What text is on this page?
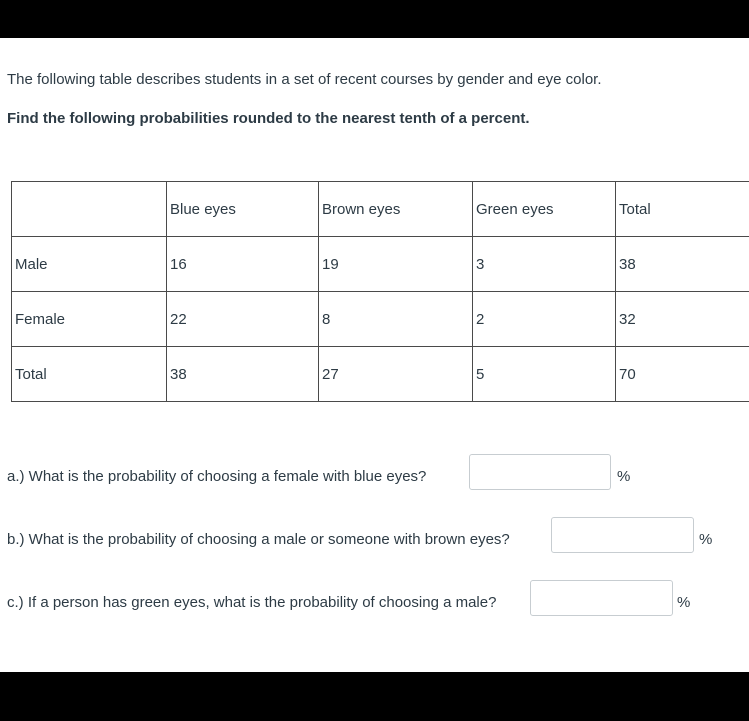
The following table describes students in a set of recent courses by gender and eye color.
Find the following probabilities rounded to the nearest tenth of a percent.
	Blue eyes	Brown eyes	Green eyes	Total
Male	16	19	3	38
Female	22	8	2	32
Total	38	27	5	70
a.) What is the probability of choosing a female with blue eyes?	%
b.) What is the probability of choosing a male or someone with brown eyes?	%
c.) If a person has green eyes, what is the probability of choosing a male?	%
